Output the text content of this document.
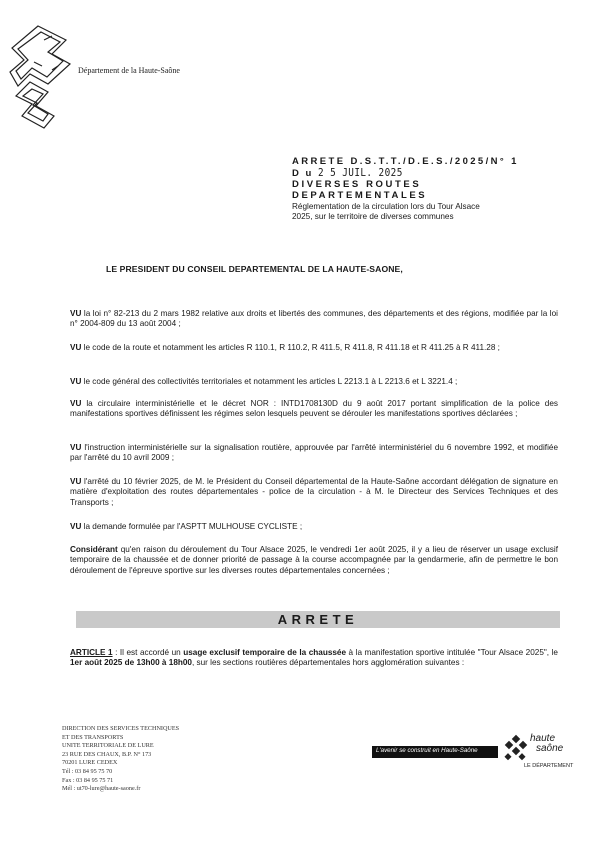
Département de la Haute-Saône
ARRETE D.S.T.T./D.E.S./2025/N° 1
D u 2 5 JUIL. 2025
DIVERSES ROUTES
DEPARTEMENTALES
Réglementation de la circulation lors du Tour Alsace 2025, sur le territoire de diverses communes
LE PRESIDENT DU CONSEIL DEPARTEMENTAL DE LA HAUTE-SAONE,
VU la loi n° 82-213 du 2 mars 1982 relative aux droits et libertés des communes, des départements et des régions, modifiée par la loi n° 2004-809 du 13 août 2004 ;
VU le code de la route et notamment les articles R 110.1, R 110.2, R 411.5, R 411.8, R 411.18 et R 411.25 à R 411.28 ;
VU le code général des collectivités territoriales et notamment les articles L 2213.1 à L 2213.6 et L 3221.4 ;
VU la circulaire interministérielle et le décret NOR : INTD1708130D du 9 août 2017 portant simplification de la police des manifestations sportives définissent les régimes selon lesquels peuvent se dérouler les manifestations sportives déclarées ;
VU l'instruction interministérielle sur la signalisation routière, approuvée par l'arrêté interministériel du 6 novembre 1992, et modifiée par l'arrêté du 10 avril 2009 ;
VU l'arrêté du 10 février 2025, de M. le Président du Conseil départemental de la Haute-Saône accordant délégation de signature en matière d'exploitation des routes départementales - police de la circulation - à M. le Directeur des Services Techniques et des Transports ;
VU la demande formulée par l'ASPTT MULHOUSE CYCLISTE ;
Considérant qu'en raison du déroulement du Tour Alsace 2025, le vendredi 1er août 2025, il y a lieu de réserver un usage exclusif temporaire de la chaussée et de donner priorité de passage à la course accompagnée par la gendarmerie, afin de permettre le bon déroulement de l'épreuve sportive sur les diverses routes départementales concernées ;
ARRETE
ARTICLE 1 : Il est accordé un usage exclusif temporaire de la chaussée à la manifestation sportive intitulée "Tour Alsace 2025", le 1er août 2025 de 13h00 à 18h00, sur les sections routières départementales hors agglomération suivantes :
DIRECTION DES SERVICES TECHNIQUES
ET DES TRANSPORTS
UNITE TERRITORIALE DE LURE
23 RUE DES CHAUX, B.P. N° 173
70201 LURE CEDEX
Tél : 03 84 95 75 70
Fax : 03 84 95 75 71
Mél : ut70-lure@haute-saone.fr
L'avenir se construit en Haute-Saône
haute
saône
LE DÉPARTEMENT
